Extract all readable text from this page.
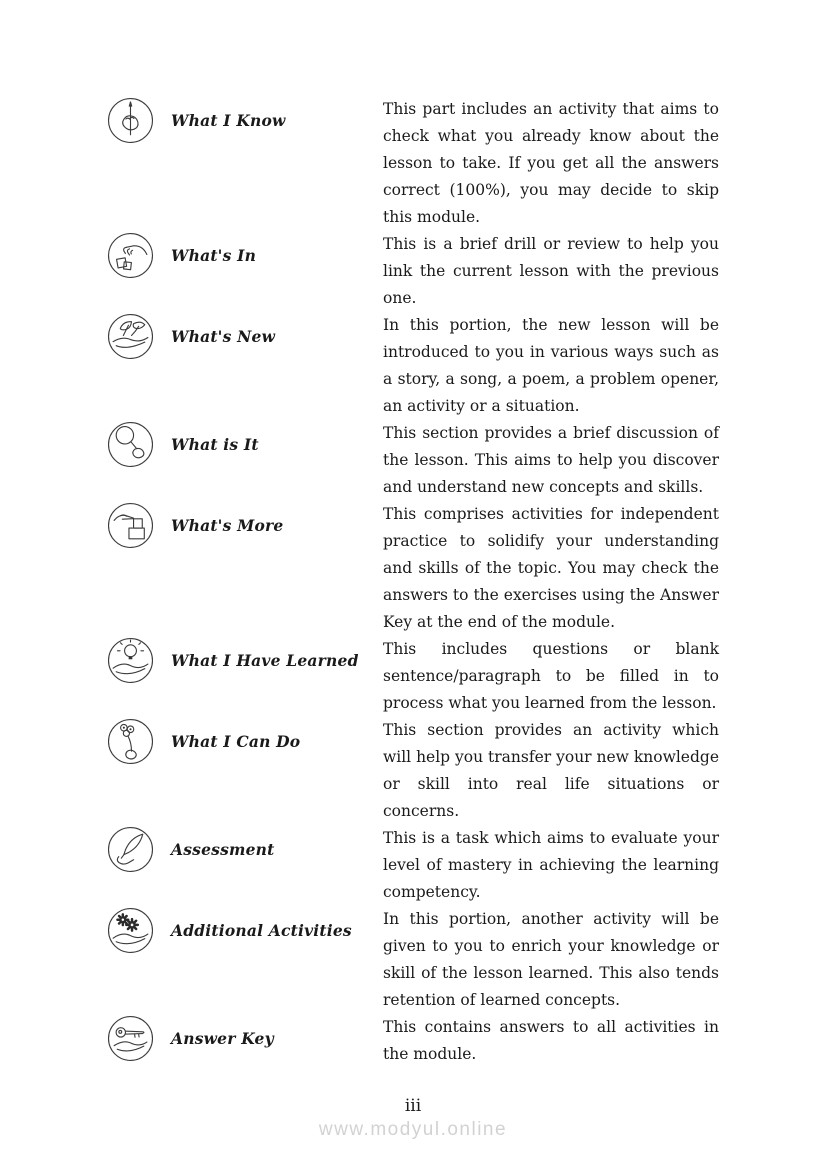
What I Know

This part includes an activity that aims to check what you already know about the lesson to take. If you get all the answers correct (100%), you may decide to skip this module.

What's In

This is a brief drill or review to help you link the current lesson with the previous one.

What's New

In this portion, the new lesson will be introduced to you in various ways such as a story, a song, a poem, a problem opener, an activity or a situation.

What is It

This section provides a brief discussion of the lesson. This aims to help you discover and understand new concepts and skills.

What's More

This comprises activities for independent practice to solidify your understanding and skills of the topic. You may check the answers to the exercises using the Answer Key at the end of the module.

What I Have Learned

This includes questions or blank sentence/paragraph to be filled in to process what you learned from the lesson.

What I Can Do

This section provides an activity which will help you transfer your new knowledge or skill into real life situations or concerns.

Assessment

This is a task which aims to evaluate your level of mastery in achieving the learning competency.

Additional Activities

In this portion, another activity will be given to you to enrich your knowledge or skill of the lesson learned. This also tends retention of learned concepts.

Answer Key

This contains answers to all activities in the module.

iii
www.modyul.online
